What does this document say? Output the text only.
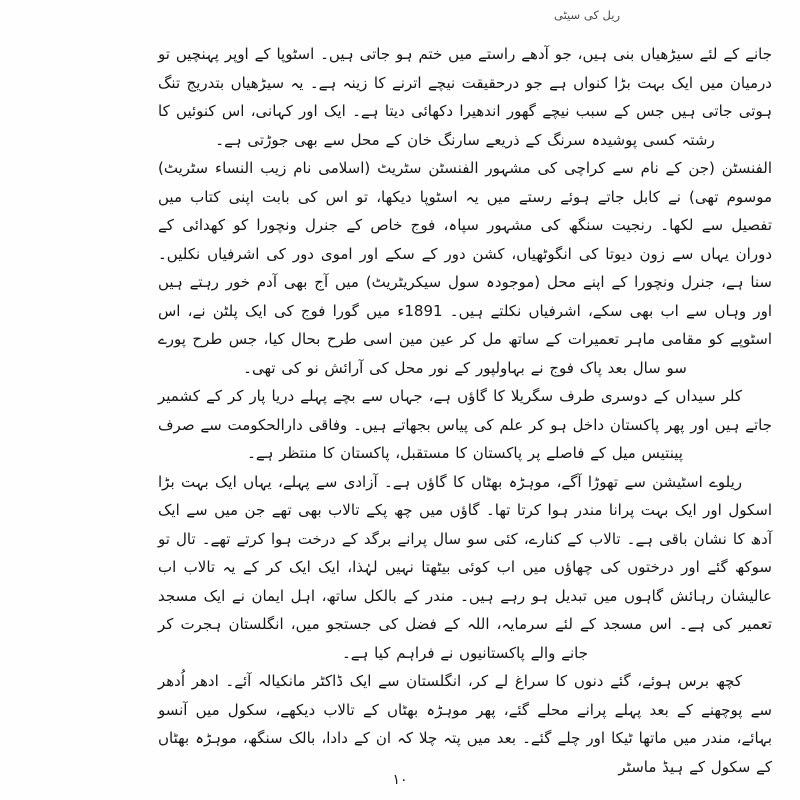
ریل کی سیٹی

جانے کے لئے سیڑھیاں بنی ہیں، جو آدھے راستے میں ختم ہو جاتی ہیں۔ اسٹوپا کے اوپر پہنچیں تو درمیان میں ایک بہت بڑا کنواں ہے جو درحقیقت نیچے اترنے کا زینہ ہے۔ یہ سیڑھیاں بتدریج تنگ ہوتی جاتی ہیں جس کے سبب نیچے گھور اندھیرا دکھائی دیتا ہے۔ ایک اور کہانی، اس کنوئیں کا رشتہ کسی پوشیدہ سرنگ کے ذریعے سارنگ خان کے محل سے بھی جوڑتی ہے۔

الفنسٹن (جن کے نام سے کراچی کی مشہور الفنسٹن سٹریٹ (اسلامی نام زیب النساء سٹریٹ) موسوم تھی) نے کابل جاتے ہوئے رستے میں یہ اسٹوپا دیکھا، تو اس کی بابت اپنی کتاب میں تفصیل سے لکھا۔ رنجیت سنگھ کی مشہور سپاہ، فوج خاص کے جنرل ونچورا کو کھدائی کے دوران یہاں سے زون دیوتا کی انگوٹھیاں، کشن دور کے سکے اور اموی دور کی اشرفیاں نکلیں۔ سنا ہے، جنرل ونچورا کے اپنے محل (موجودہ سول سیکریٹریٹ) میں آج بھی آدم خور رہتے ہیں اور وہاں سے اب بھی سکے، اشرفیاں نکلتے ہیں۔ 1891ء میں گورا فوج کی ایک پلٹن نے، اس اسٹوپے کو مقامی ماہر تعمیرات کے ساتھ مل کر عین مین اسی طرح بحال کیا، جس طرح پورے سو سال بعد پاک فوج نے بہاولپور کے نور محل کی آرائش نو کی تھی۔

کلر سیداں کے دوسری طرف سگریلا کا گاؤں ہے، جہاں سے بچے پہلے دریا پار کر کے کشمیر جاتے ہیں اور پھر پاکستان داخل ہو کر علم کی پیاس بجھاتے ہیں۔ وفاقی دارالحکومت سے صرف پینتیس میل کے فاصلے پر پاکستان کا مستقبل، پاکستان کا منتظر ہے۔

ریلوے اسٹیشن سے تھوڑا آگے، موہڑہ بھٹاں کا گاؤں ہے۔ آزادی سے پہلے، یہاں ایک بہت بڑا اسکول اور ایک بہت پرانا مندر ہوا کرتا تھا۔ گاؤں میں چھ پکے تالاب بھی تھے جن میں سے ایک آدھ کا نشان باقی ہے۔ تالاب کے کنارے، کئی سو سال پرانے برگد کے درخت ہوا کرتے تھے۔ تال تو سوکھ گئے اور درختوں کی چھاؤں میں اب کوئی بیٹھتا نہیں لہٰذا، ایک ایک کر کے یہ تالاب اب عالیشان رہائش گاہوں میں تبدیل ہو رہے ہیں۔ مندر کے بالکل ساتھ، اہل ایمان نے ایک مسجد تعمیر کی ہے۔ اس مسجد کے لئے سرمایہ، اللہ کے فضل کی جستجو میں، انگلستان ہجرت کر جانے والے پاکستانیوں نے فراہم کیا ہے۔

کچھ برس ہوئے، گئے دنوں کا سراغ لے کر، انگلستان سے ایک ڈاکٹر مانکیالہ آئے۔ ادھر اُدھر سے پوچھنے کے بعد پہلے پرانے محلے گئے، پھر موہڑہ بھٹاں کے تالاب دیکھے، سکول میں آنسو بہائے، مندر میں ماتھا ٹیکا اور چلے گئے۔ بعد میں پتہ چلا کہ ان کے دادا، بالک سنگھ، موہڑہ بھٹاں کے سکول کے ہیڈ ماسٹر

۱۰
